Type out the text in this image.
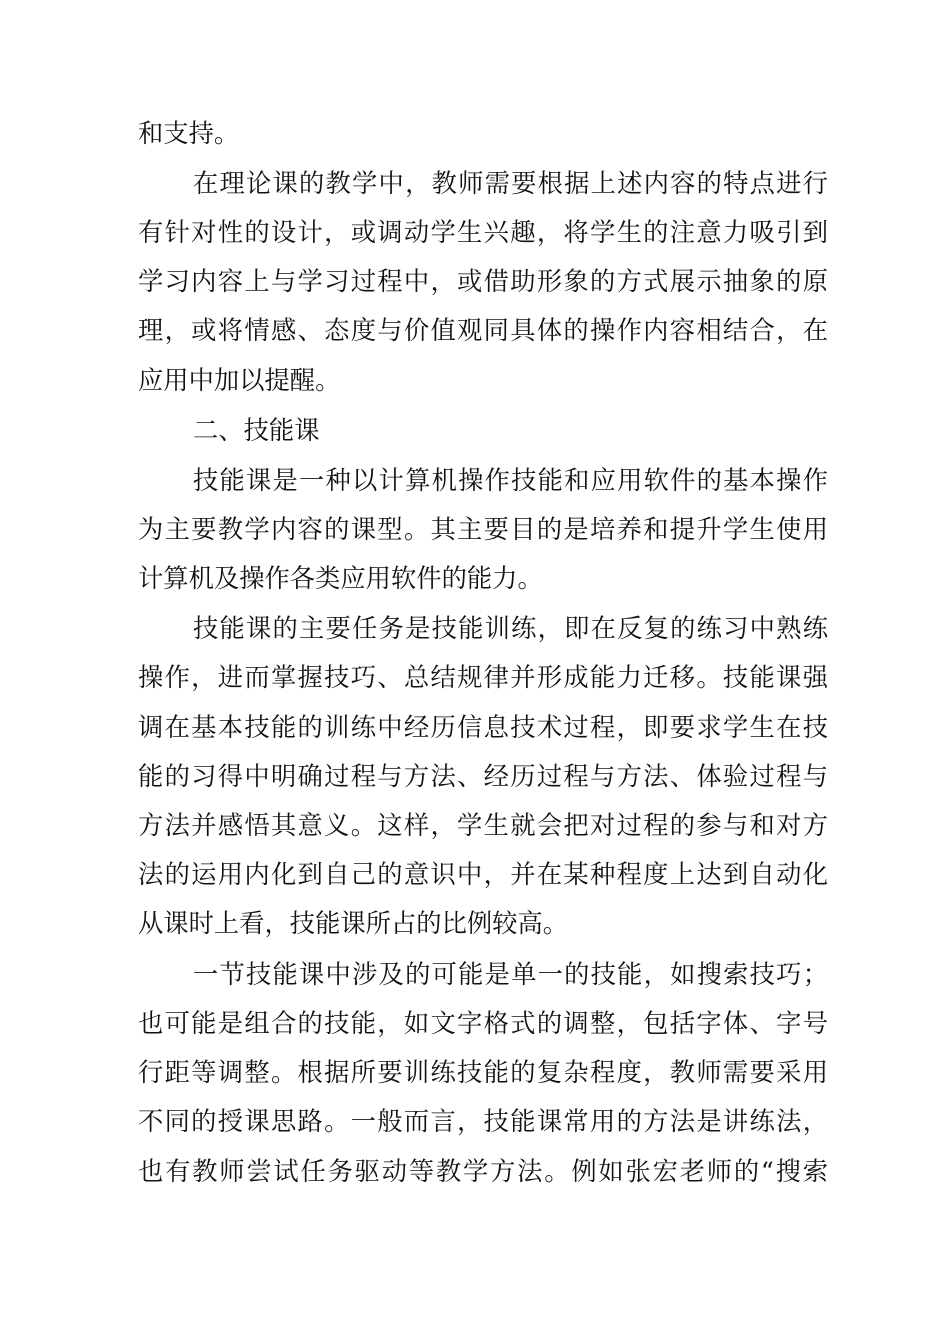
和支持。
在理论课的教学中，教师需要根据上述内容的特点进行
有针对性的设计，或调动学生兴趣，将学生的注意力吸引到
学习内容上与学习过程中，或借助形象的方式展示抽象的原
理，或将情感、态度与价值观同具体的操作内容相结合，在
应用中加以提醒。
二、技能课
技能课是一种以计算机操作技能和应用软件的基本操作
为主要教学内容的课型。其主要目的是培养和提升学生使用
计算机及操作各类应用软件的能力。
技能课的主要任务是技能训练，即在反复的练习中熟练
操作，进而掌握技巧、总结规律并形成能力迁移。技能课强
调在基本技能的训练中经历信息技术过程，即要求学生在技
能的习得中明确过程与方法、经历过程与方法、体验过程与
方法并感悟其意义。这样，学生就会把对过程的参与和对方
法的运用内化到自己的意识中，并在某种程度上达到自动化
从课时上看，技能课所占的比例较高。
一节技能课中涉及的可能是单一的技能，如搜索技巧；
也可能是组合的技能，如文字格式的调整，包括字体、字号
行距等调整。根据所要训练技能的复杂程度，教师需要采用
不同的授课思路。一般而言，技能课常用的方法是讲练法，
也有教师尝试任务驱动等教学方法。例如张宏老师的“搜索
